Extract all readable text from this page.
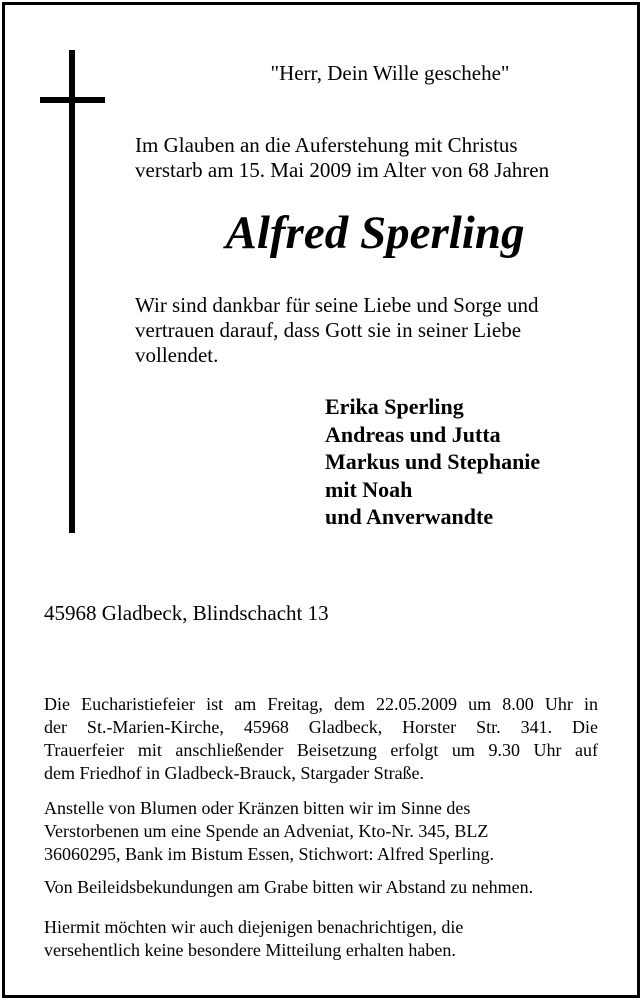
"Herr, Dein Wille geschehe"
Im Glauben an die Auferstehung mit Christus
verstarb am 15. Mai 2009 im Alter von 68 Jahren
Alfred Sperling
Wir sind dankbar für seine Liebe und Sorge und
vertrauen darauf, dass Gott sie in seiner Liebe
vollendet.
Erika Sperling
Andreas und Jutta
Markus und Stephanie
mit Noah
und Anverwandte
45968 Gladbeck, Blindschacht 13
Die Eucharistiefeier ist am Freitag, dem 22.05.2009 um 8.00 Uhr in
der St.-Marien-Kirche, 45968 Gladbeck, Horster Str. 341. Die
Trauerfeier mit anschließender Beisetzung erfolgt um 9.30 Uhr auf
dem Friedhof in Gladbeck-Brauck, Stargader Straße.
Anstelle von Blumen oder Kränzen bitten wir im Sinne des
Verstorbenen um eine Spende an Adveniat, Kto-Nr. 345, BLZ
36060295, Bank im Bistum Essen, Stichwort: Alfred Sperling.
Von Beileidsbekundungen am Grabe bitten wir Abstand zu nehmen.
Hiermit möchten wir auch diejenigen benachrichtigen, die
versehentlich keine besondere Mitteilung erhalten haben.
